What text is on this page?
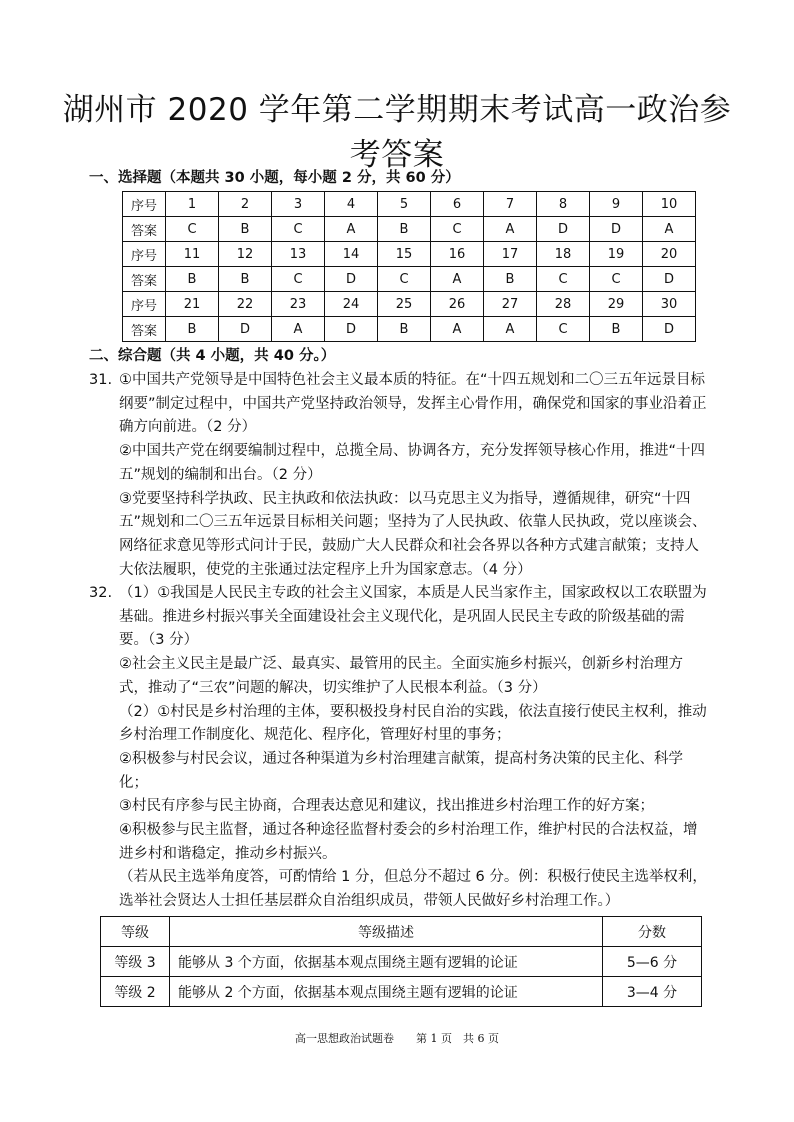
湖州市 2020 学年第二学期期末考试高一政治参考答案
一、选择题（本题共 30 小题，每小题 2 分，共 60 分）
序号	1	2	3	4	5	6	7	8	9	10
答案	C	B	C	A	B	C	A	D	D	A
序号	11	12	13	14	15	16	17	18	19	20
答案	B	B	C	D	C	A	B	C	C	D
序号	21	22	23	24	25	26	27	28	29	30
答案	B	D	A	D	B	A	A	C	B	D
二、综合题（共 4 小题，共 40 分。）
31. ①中国共产党领导是中国特色社会主义最本质的特征。在“十四五规划和二〇三五年远景目标纲要”制定过程中，中国共产党坚持政治领导，发挥主心骨作用，确保党和国家的事业沿着正确方向前进。（2 分）

②中国共产党在纲要编制过程中，总揽全局、协调各方，充分发挥领导核心作用，推进“十四五”规划的编制和出台。（2 分）

③党要坚持科学执政、民主执政和依法执政：以马克思主义为指导，遵循规律，研究“十四五”规划和二〇三五年远景目标相关问题；坚持为了人民执政、依靠人民执政，党以座谈会、网络征求意见等形式问计于民，鼓励广大人民群众和社会各界以各种方式建言献策；支持人大依法履职，使党的主张通过法定程序上升为国家意志。（4 分）

32. （1）①我国是人民民主专政的社会主义国家，本质是人民当家作主，国家政权以工农联盟为基础。推进乡村振兴事关全面建设社会主义现代化，是巩固人民民主专政的阶级基础的需要。（3 分）

②社会主义民主是最广泛、最真实、最管用的民主。全面实施乡村振兴，创新乡村治理方式，推动了“三农”问题的解决，切实维护了人民根本利益。（3 分）

（2）①村民是乡村治理的主体，要积极投身村民自治的实践，依法直接行使民主权利，推动乡村治理工作制度化、规范化、程序化，管理好村里的事务；

②积极参与村民会议，通过各种渠道为乡村治理建言献策，提高村务决策的民主化、科学化；

③村民有序参与民主协商，合理表达意见和建议，找出推进乡村治理工作的好方案；

④积极参与民主监督，通过各种途径监督村委会的乡村治理工作，维护村民的合法权益，增进乡村和谐稳定，推动乡村振兴。

（若从民主选举角度答，可酌情给 1 分，但总分不超过 6 分。例：积极行使民主选举权利，选举社会贤达人士担任基层群众自治组织成员，带领人民做好乡村治理工作。）

等级	等级描述	分数
等级 3	能够从 3 个方面，依据基本观点围绕主题有逻辑的论证	5—6 分
等级 2	能够从 2 个方面，依据基本观点围绕主题有逻辑的论证	3—4 分
高一思想政治试题卷　　第 1 页　共 6 页
